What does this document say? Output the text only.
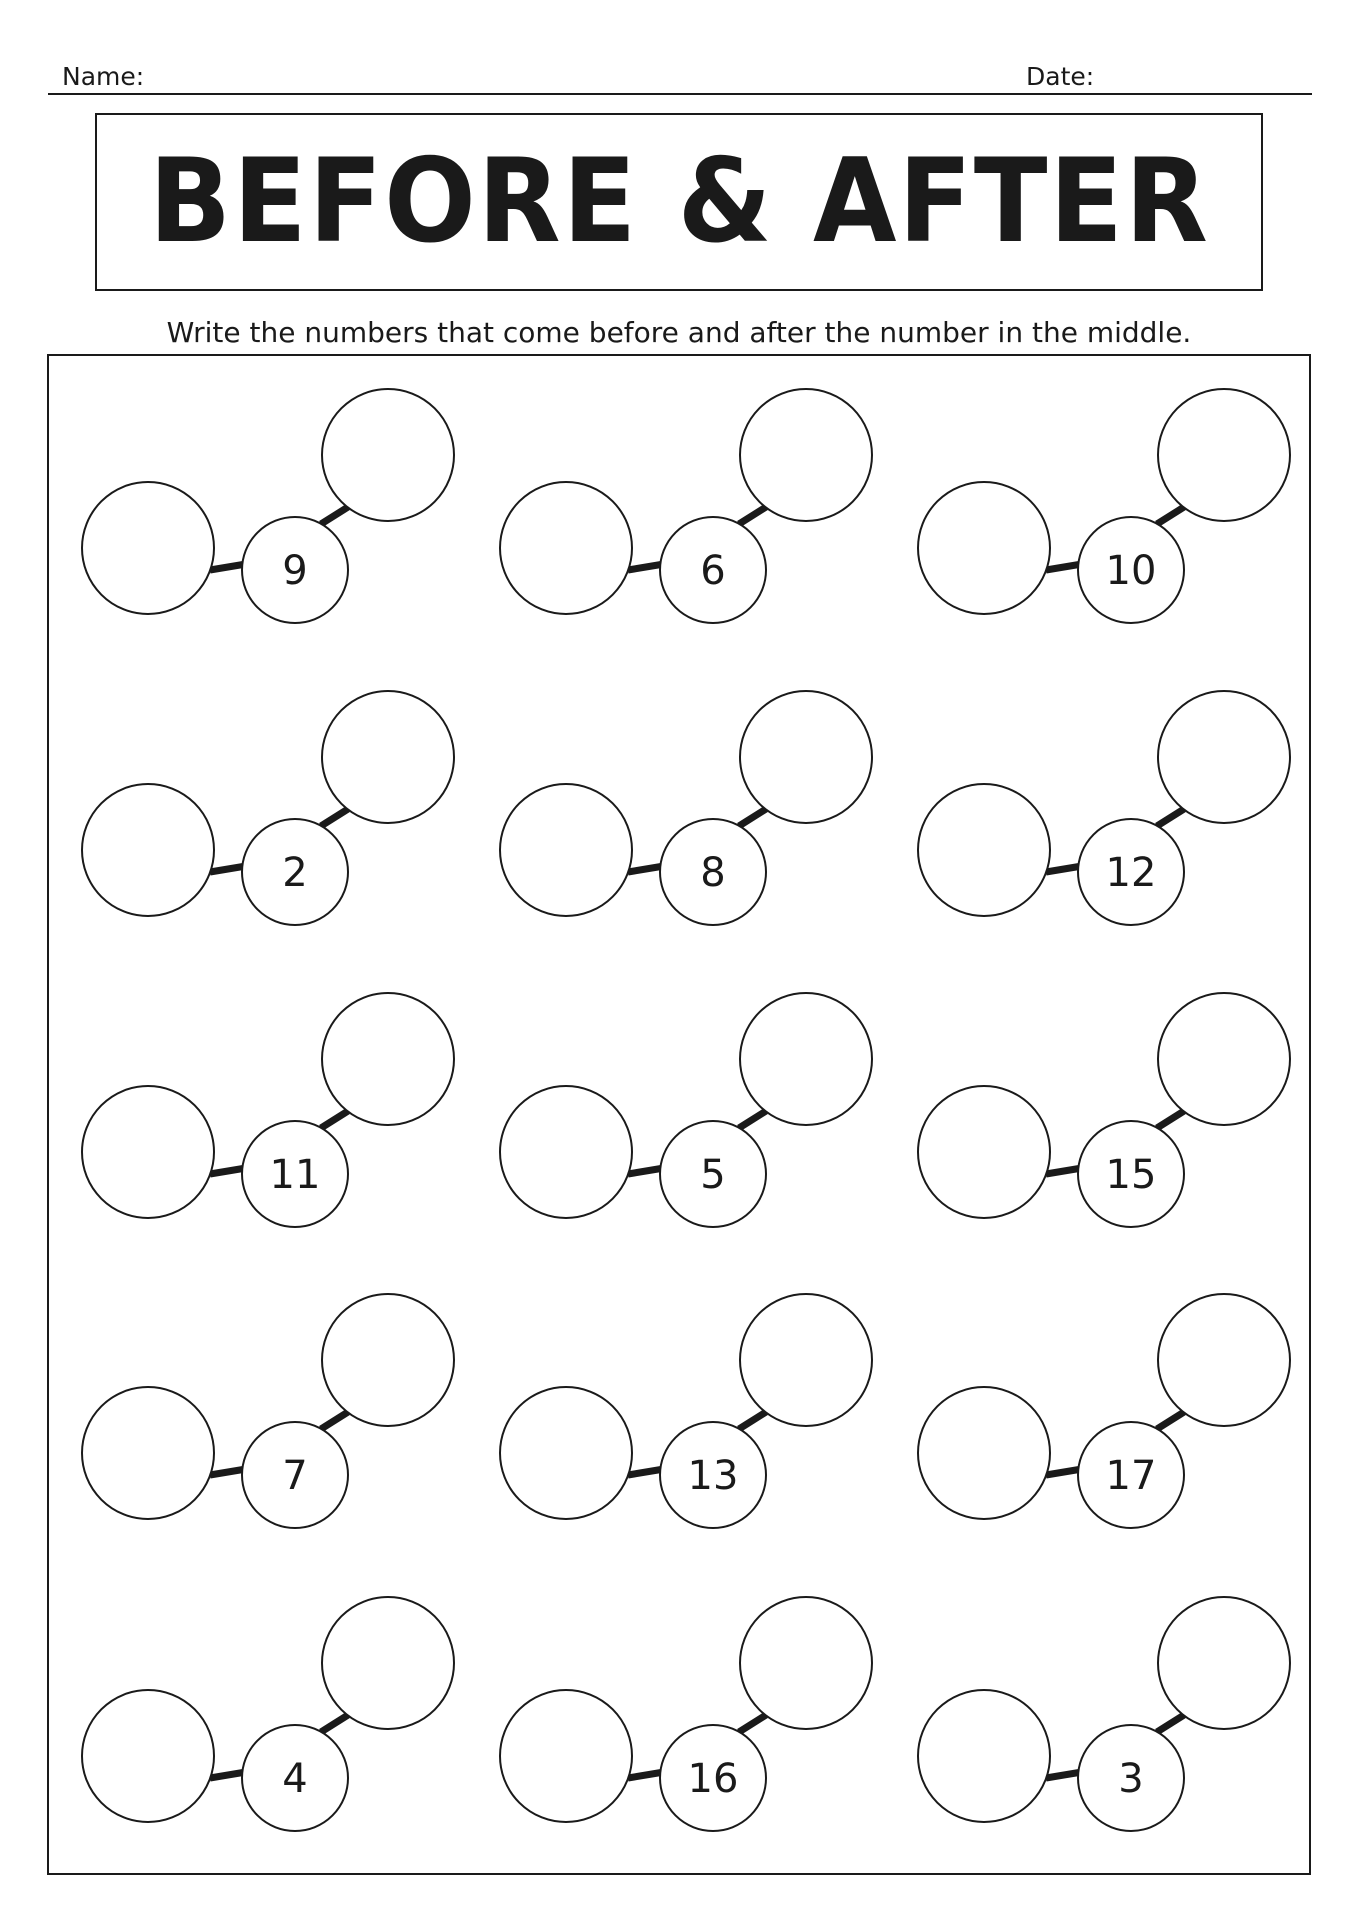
Name:	Date:
BEFORE & AFTER
Write the numbers that come before and after the number in the middle.
9	6	10
2	8	12
11	5	15
7	13	17
4	16	3
